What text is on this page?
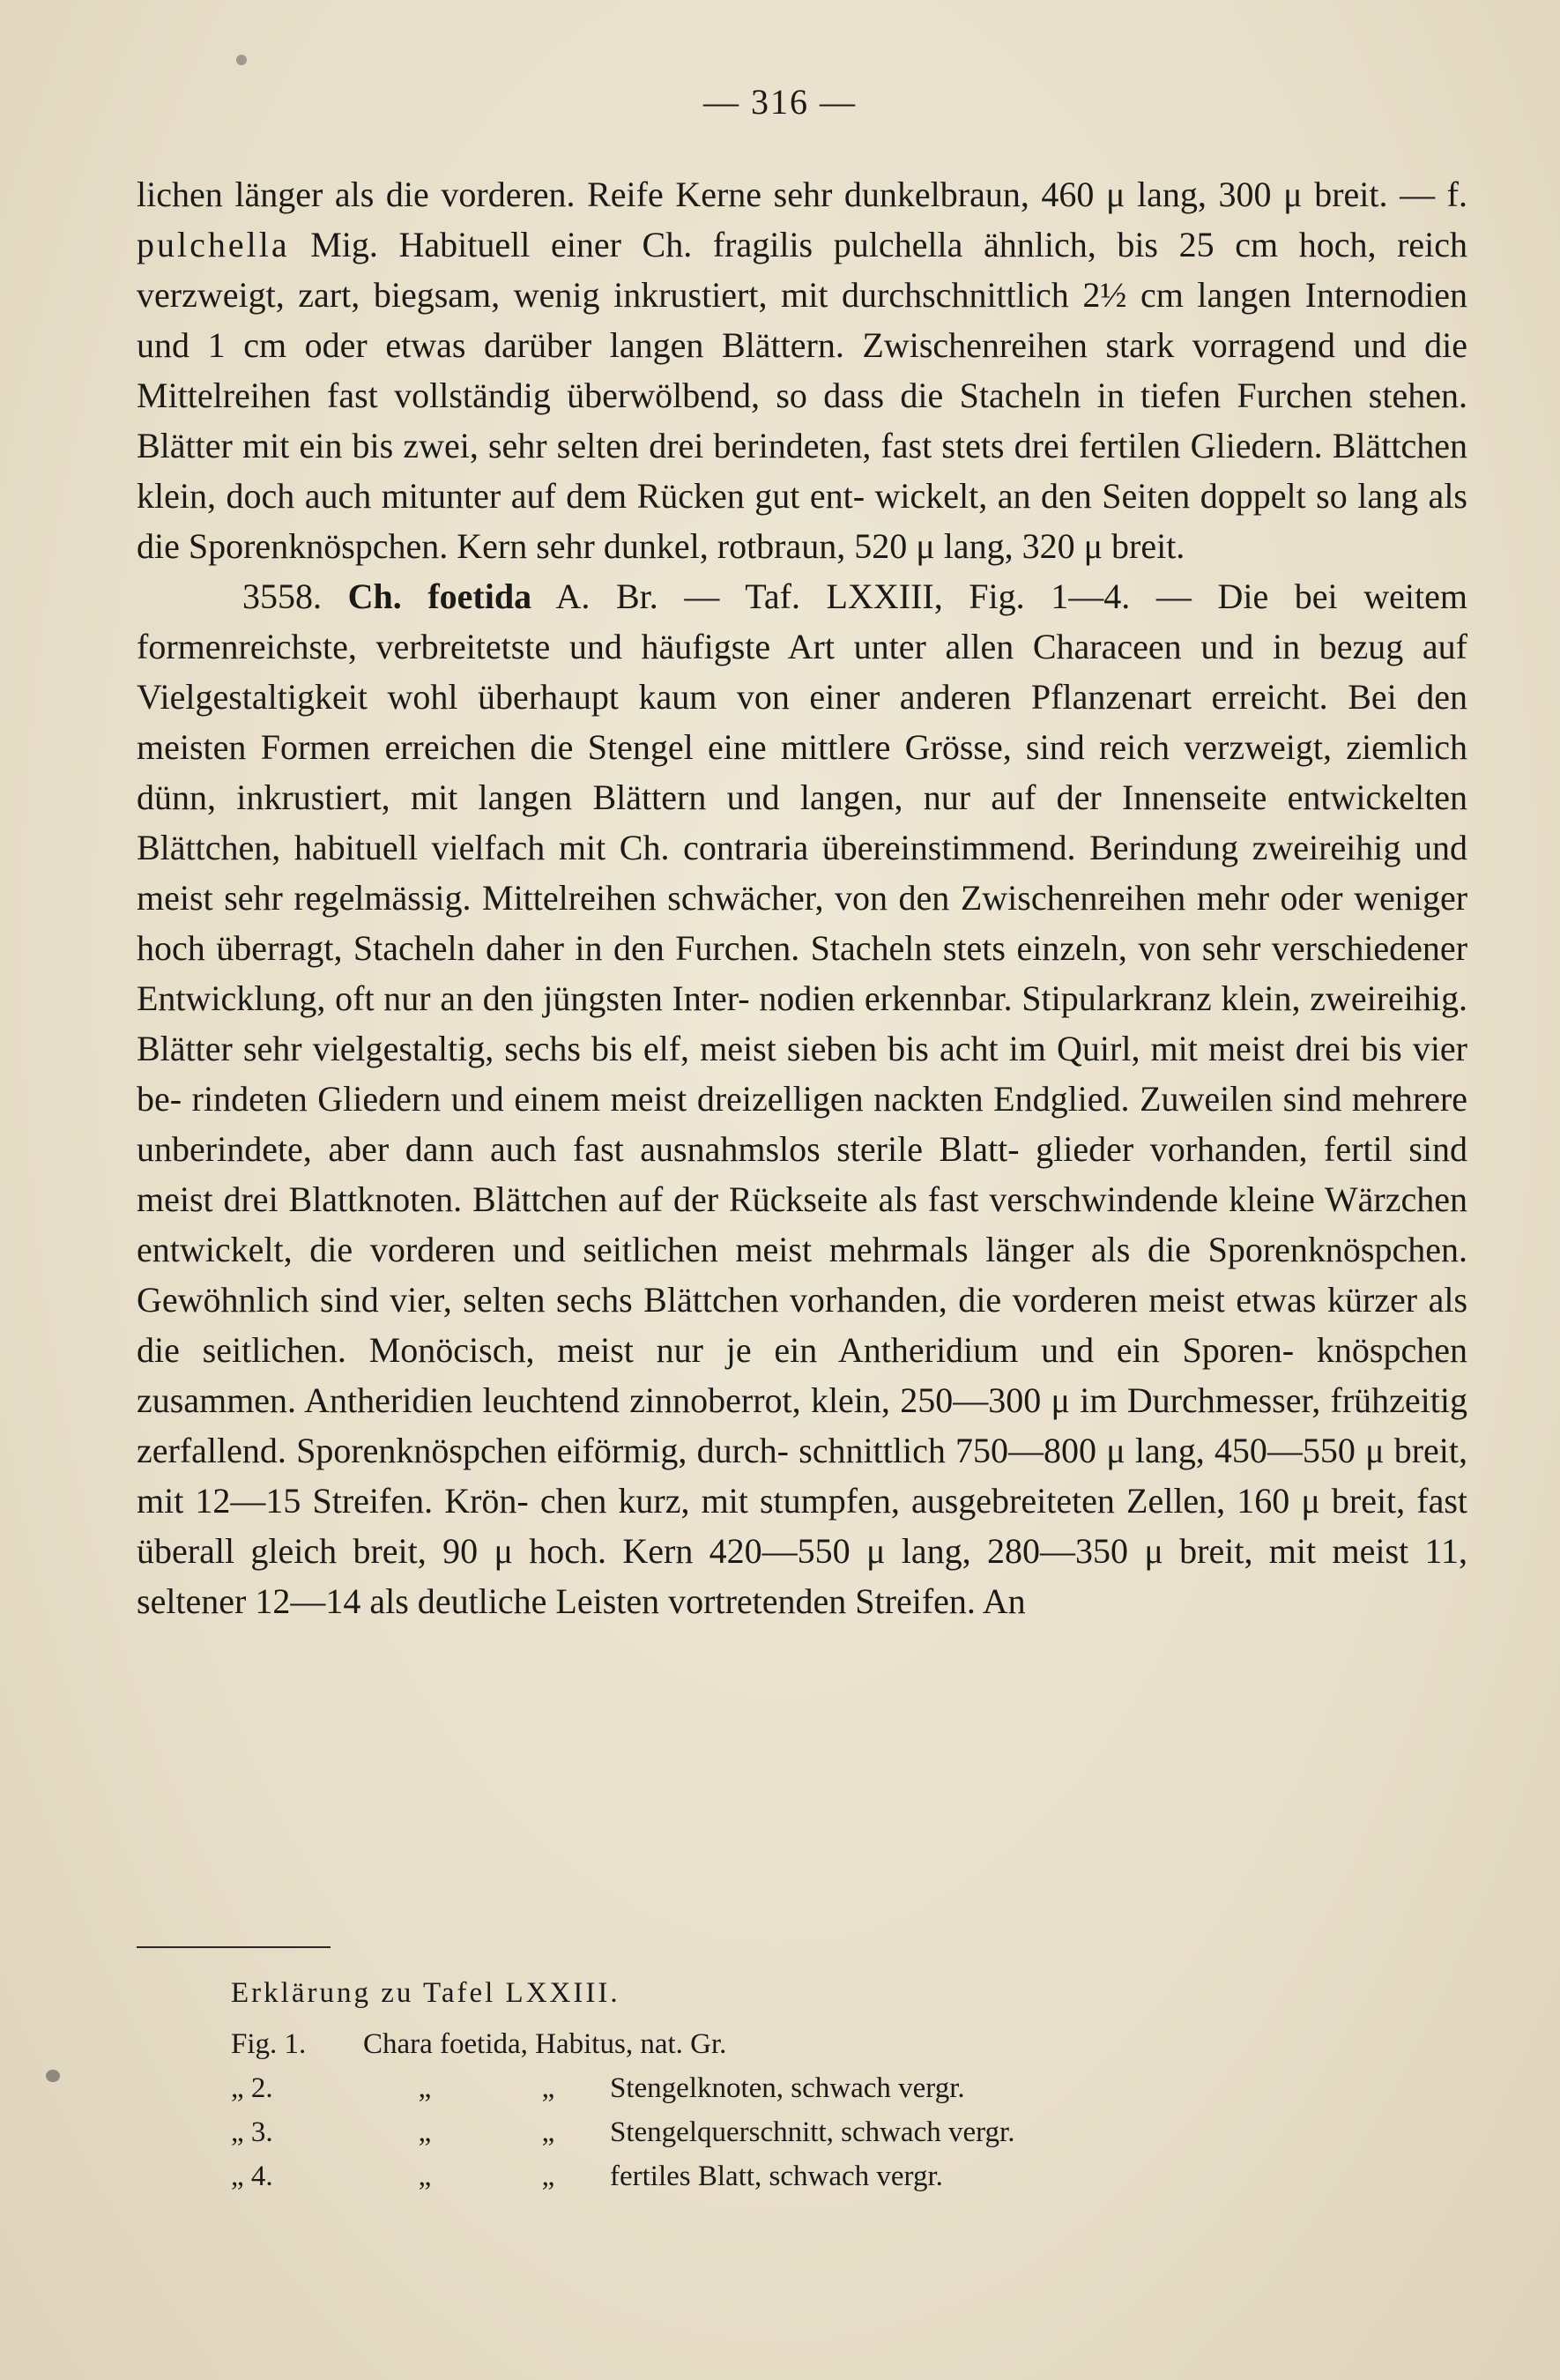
— 316 —

lichen länger als die vorderen. Reife Kerne sehr dunkelbraun, 460 μ lang, 300 μ breit. — f. pulchella Mig. Habituell einer Ch. fragilis pulchella ähnlich, bis 25 cm hoch, reich verzweigt, zart, biegsam, wenig inkrustiert, mit durchschnittlich 2½ cm langen Internodien und 1 cm oder etwas darüber langen Blättern. Zwischenreihen stark vorragend und die Mittelreihen fast vollständig überwölbend, so dass die Stacheln in tiefen Furchen stehen. Blätter mit ein bis zwei, sehr selten drei berindeten, fast stets drei fertilen Gliedern. Blättchen klein, doch auch mitunter auf dem Rücken gut ent- wickelt, an den Seiten doppelt so lang als die Sporenknöspchen. Kern sehr dunkel, rotbraun, 520 μ lang, 320 μ breit.

3558. Ch. foetida A. Br. — Taf. LXXIII, Fig. 1—4. — Die bei weitem formenreichste, verbreitetste und häufigste Art unter allen Characeen und in bezug auf Vielgestaltigkeit wohl überhaupt kaum von einer anderen Pflanzenart erreicht. Bei den meisten Formen erreichen die Stengel eine mittlere Grösse, sind reich verzweigt, ziemlich dünn, inkrustiert, mit langen Blättern und langen, nur auf der Innenseite entwickelten Blättchen, habituell vielfach mit Ch. contraria übereinstimmend. Berindung zweireihig und meist sehr regelmässig. Mittelreihen schwächer, von den Zwischenreihen mehr oder weniger hoch überragt, Stacheln daher in den Furchen. Stacheln stets einzeln, von sehr verschiedener Entwicklung, oft nur an den jüngsten Inter- nodien erkennbar. Stipularkranz klein, zweireihig. Blätter sehr vielgestaltig, sechs bis elf, meist sieben bis acht im Quirl, mit meist drei bis vier be- rindeten Gliedern und einem meist dreizelligen nackten Endglied. Zuweilen sind mehrere unberindete, aber dann auch fast ausnahmslos sterile Blatt- glieder vorhanden, fertil sind meist drei Blattknoten. Blättchen auf der Rückseite als fast verschwindende kleine Wärzchen entwickelt, die vorderen und seitlichen meist mehrmals länger als die Sporenknöspchen. Gewöhnlich sind vier, selten sechs Blättchen vorhanden, die vorderen meist etwas kürzer als die seitlichen. Monöcisch, meist nur je ein Antheridium und ein Sporen- knöspchen zusammen. Antheridien leuchtend zinnoberrot, klein, 250—300 μ im Durchmesser, frühzeitig zerfallend. Sporenknöspchen eiförmig, durch- schnittlich 750—800 μ lang, 450—550 μ breit, mit 12—15 Streifen. Krön- chen kurz, mit stumpfen, ausgebreiteten Zellen, 160 μ breit, fast überall gleich breit, 90 μ hoch. Kern 420—550 μ lang, 280—350 μ breit, mit meist 11, seltener 12—14 als deutliche Leisten vortretenden Streifen. An

Erklärung zu Tafel LXXIII.
Fig. 1.	Chara foetida, Habitus, nat. Gr.
„ 2.	„	„	Stengelknoten, schwach vergr.
„ 3.	„	„	Stengelquerschnitt, schwach vergr.
„ 4.	„	„	fertiles Blatt, schwach vergr.
